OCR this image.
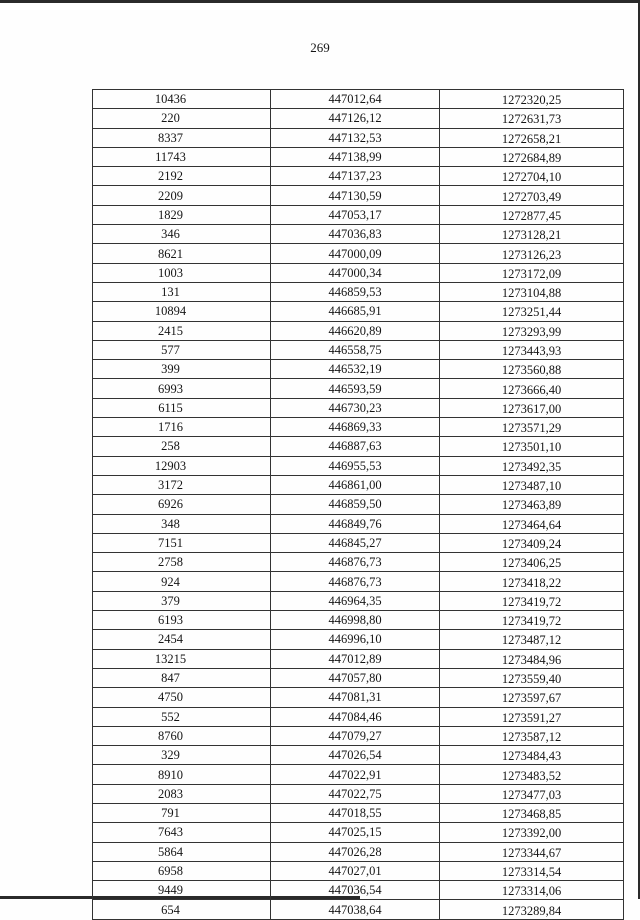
269
10436	447012,64	1272320,25
220	447126,12	1272631,73
8337	447132,53	1272658,21
11743	447138,99	1272684,89
2192	447137,23	1272704,10
2209	447130,59	1272703,49
1829	447053,17	1272877,45
346	447036,83	1273128,21
8621	447000,09	1273126,23
1003	447000,34	1273172,09
131	446859,53	1273104,88
10894	446685,91	1273251,44
2415	446620,89	1273293,99
577	446558,75	1273443,93
399	446532,19	1273560,88
6993	446593,59	1273666,40
6115	446730,23	1273617,00
1716	446869,33	1273571,29
258	446887,63	1273501,10
12903	446955,53	1273492,35
3172	446861,00	1273487,10
6926	446859,50	1273463,89
348	446849,76	1273464,64
7151	446845,27	1273409,24
2758	446876,73	1273406,25
924	446876,73	1273418,22
379	446964,35	1273419,72
6193	446998,80	1273419,72
2454	446996,10	1273487,12
13215	447012,89	1273484,96
847	447057,80	1273559,40
4750	447081,31	1273597,67
552	447084,46	1273591,27
8760	447079,27	1273587,12
329	447026,54	1273484,43
8910	447022,91	1273483,52
2083	447022,75	1273477,03
791	447018,55	1273468,85
7643	447025,15	1273392,00
5864	447026,28	1273344,67
6958	447027,01	1273314,54
9449	447036,54	1273314,06
654	447038,64	1273289,84
